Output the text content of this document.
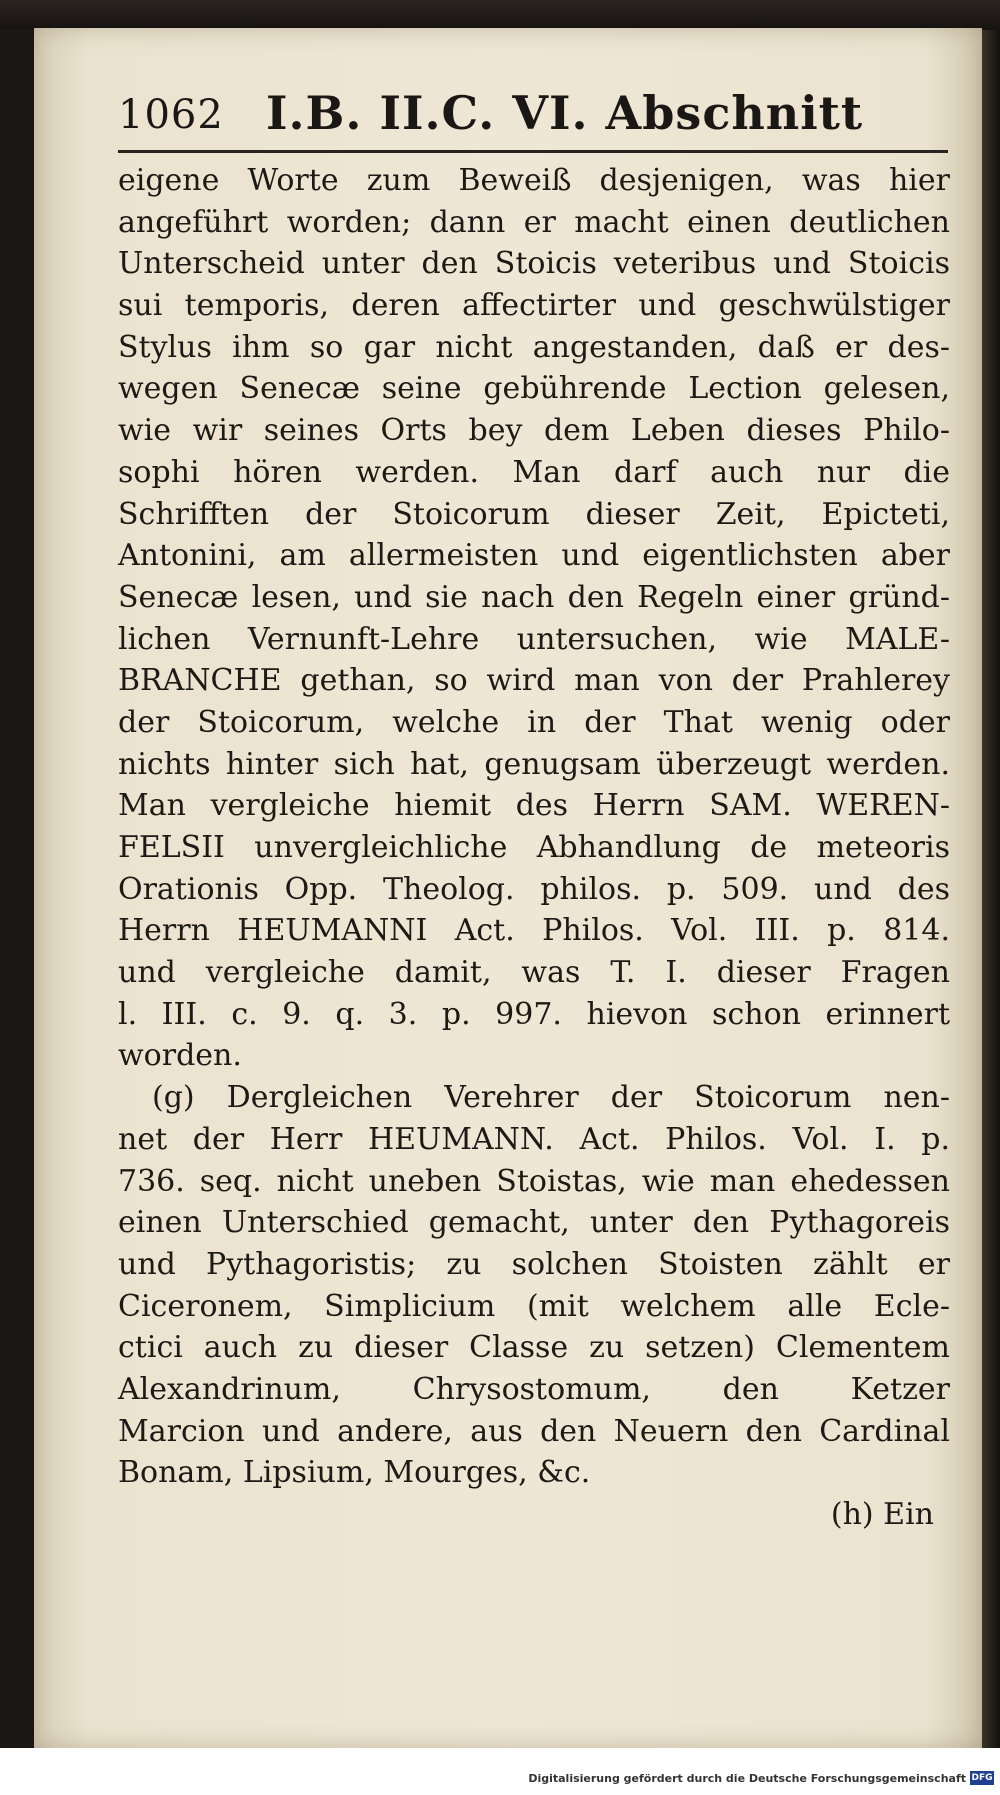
1062 I.B. II.C. VI. Abschnitt
eigene Worte zum Beweiß desjenigen, was hier
angeführt worden; dann er macht einen deutlichen
Unterscheid unter den Stoicis veteribus und Stoicis
sui temporis, deren affectirter und geschwülstiger
Stylus ihm so gar nicht angestanden, daß er des-
wegen Senecæ seine gebührende Lection gelesen,
wie wir seines Orts bey dem Leben dieses Philo-
sophi hören werden. Man darf auch nur die
Schrifften der Stoicorum dieser Zeit, Epicteti,
Antonini, am allermeisten und eigentlichsten aber
Senecæ lesen, und sie nach den Regeln einer gründ-
lichen Vernunft-Lehre untersuchen, wie MALE-
BRANCHE gethan, so wird man von der Prahlerey
der Stoicorum, welche in der That wenig oder
nichts hinter sich hat, genugsam überzeugt werden.
Man vergleiche hiemit des Herrn SAM. WEREN-
FELSII unvergleichliche Abhandlung de meteoris
Orationis Opp. Theolog. philos. p. 509. und des
Herrn HEUMANNI Act. Philos. Vol. III. p. 814.
und vergleiche damit, was T. I. dieser Fragen
l. III. c. 9. q. 3. p. 997. hievon schon erinnert
worden.
(g) Dergleichen Verehrer der Stoicorum nen-
net der Herr HEUMANN. Act. Philos. Vol. I. p.
736. seq. nicht uneben Stoistas, wie man ehedessen
einen Unterschied gemacht, unter den Pythagoreis
und Pythagoristis; zu solchen Stoisten zählt er
Ciceronem, Simplicium (mit welchem alle Ecle-
ctici auch zu dieser Classe zu setzen) Clementem
Alexandrinum, Chrysostomum, den Ketzer
Marcion und andere, aus den Neuern den Cardinal
Bonam, Lipsium, Mourges, &c.
(h) Ein
Digitalisierung gefördert durch die Deutsche Forschungsgemeinschaft DFG
